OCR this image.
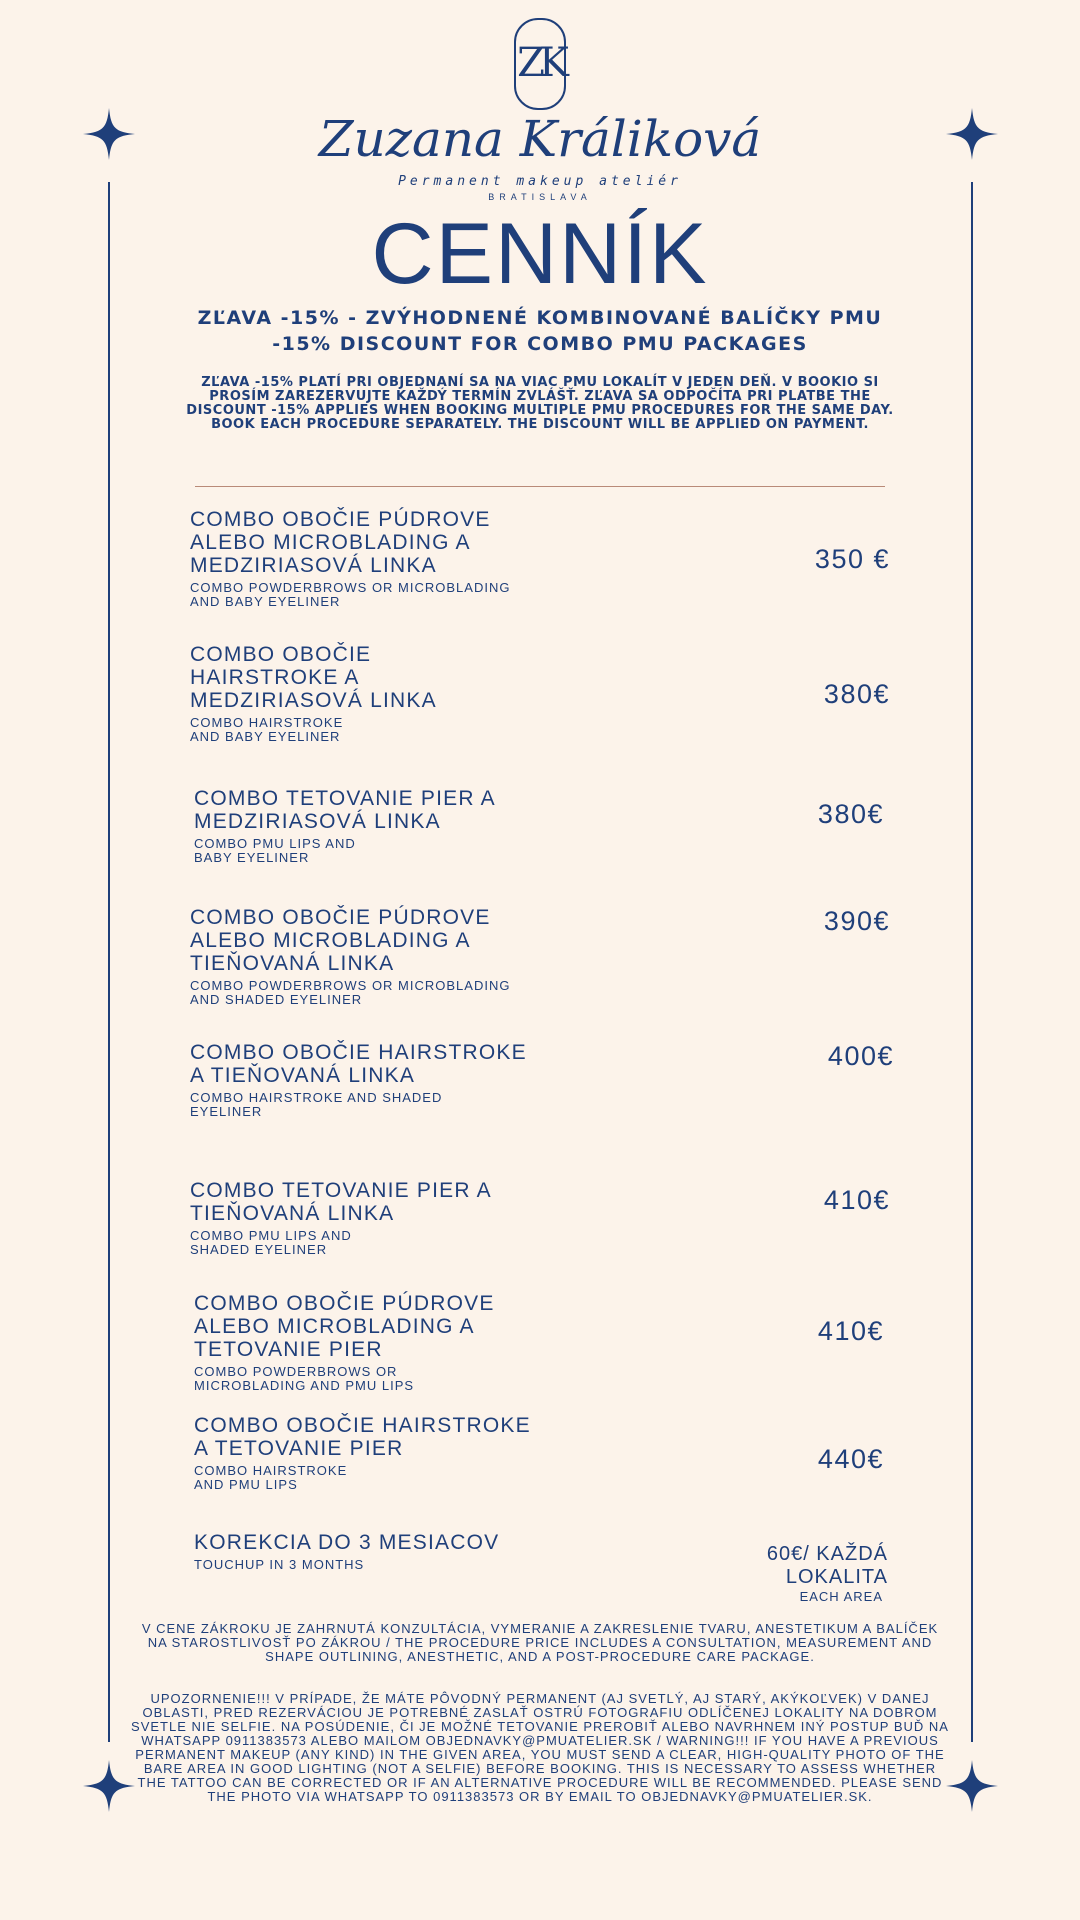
ZK
Zuzana Králiková
Permanent makeup ateliér
BRATISLAVA
CENNÍK
ZĽAVA -15% - ZVÝHODNENÉ KOMBINOVANÉ BALÍČKY PMU
-15% DISCOUNT FOR COMBO PMU PACKAGES
ZĽAVA -15% PLATÍ PRI OBJEDNANÍ SA NA VIAC PMU LOKALÍT V JEDEN DEŇ. V BOOKIO SI PROSÍM ZAREZERVUJTE KAŽDÝ TERMÍN ZVLÁŠŤ. ZĽAVA SA ODPOČÍTA PRI PLATBE THE DISCOUNT -15% APPLIES WHEN BOOKING MULTIPLE PMU PROCEDURES FOR THE SAME DAY. BOOK EACH PROCEDURE SEPARATELY. THE DISCOUNT WILL BE APPLIED ON PAYMENT.
COMBO OBOČIE PÚDROVE ALEBO MICROBLADING A MEDZIRIASOVÁ LINKA
COMBO POWDERBROWS OR MICROBLADING AND BABY EYELINER
350 €
COMBO OBOČIE HAIRSTROKE A MEDZIRIASOVÁ LINKA
COMBO HAIRSTROKE AND BABY EYELINER
380€
COMBO TETOVANIE PIER A MEDZIRIASOVÁ LINKA
COMBO PMU LIPS AND BABY EYELINER
380€
COMBO OBOČIE PÚDROVE ALEBO MICROBLADING A TIEŇOVANÁ LINKA
COMBO POWDERBROWS OR MICROBLADING AND SHADED EYELINER
390€
COMBO OBOČIE HAIRSTROKE A TIEŇOVANÁ LINKA
COMBO HAIRSTROKE AND SHADED EYELINER
400€
COMBO TETOVANIE PIER A TIEŇOVANÁ LINKA
COMBO PMU LIPS AND SHADED EYELINER
410€
COMBO OBOČIE PÚDROVE ALEBO MICROBLADING A TETOVANIE PIER
COMBO POWDERBROWS OR MICROBLADING AND PMU LIPS
410€
COMBO OBOČIE HAIRSTROKE A TETOVANIE PIER
COMBO HAIRSTROKE AND PMU LIPS
440€
KOREKCIA DO 3 MESIACOV
TOUCHUP IN 3 MONTHS	60€/ KAŽDÁ LOKALITA
EACH AREA
V CENE ZÁKROKU JE ZAHRNUTÁ KONZULTÁCIA, VYMERANIE A ZAKRESLENIE TVARU, ANESTETIKUM A BALÍČEK NA STAROSTLIVOSŤ PO ZÁKROU / THE PROCEDURE PRICE INCLUDES A CONSULTATION, MEASUREMENT AND SHAPE OUTLINING, ANESTHETIC, AND A POST-PROCEDURE CARE PACKAGE.
UPOZORNENIE!!! V PRÍPADE, ŽE MÁTE PÔVODNÝ PERMANENT (AJ SVETLÝ, AJ STARÝ, AKÝKOĽVEK) V DANEJ OBLASTI, PRED REZERVÁCIOU JE POTREBNÉ ZASLAŤ OSTRÚ FOTOGRAFIU ODLÍČENEJ LOKALITY NA DOBROM SVETLE NIE SELFIE. NA POSÚDENIE, ČI JE MOŽNÉ TETOVANIE PREROBIŤ ALEBO NAVRHNEM INÝ POSTUP BUĎ NA WHATSAPP 0911383573 ALEBO MAILOM OBJEDNAVKY@PMUATELIER.SK / WARNING!!! IF YOU HAVE A PREVIOUS PERMANENT MAKEUP (ANY KIND) IN THE GIVEN AREA, YOU MUST SEND A CLEAR, HIGH-QUALITY PHOTO OF THE BARE AREA IN GOOD LIGHTING (NOT A SELFIE) BEFORE BOOKING. THIS IS NECESSARY TO ASSESS WHETHER THE TATTOO CAN BE CORRECTED OR IF AN ALTERNATIVE PROCEDURE WILL BE RECOMMENDED. PLEASE SEND THE PHOTO VIA WHATSAPP TO 0911383573 OR BY EMAIL TO OBJEDNAVKY@PMUATELIER.SK.
